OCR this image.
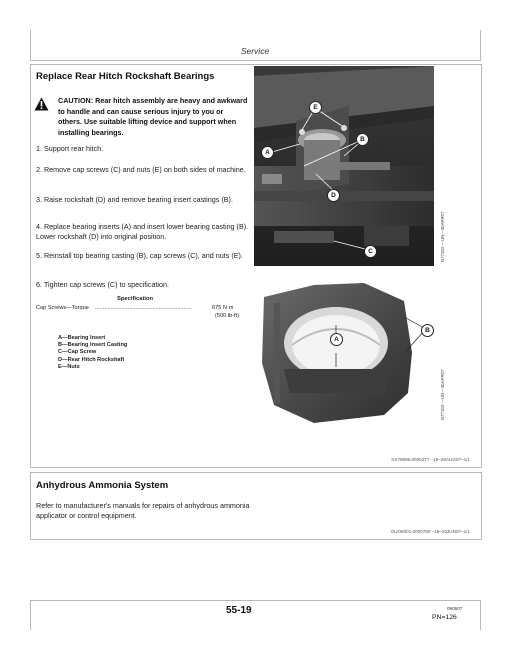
Service
Replace Rear Hitch Rockshaft Bearings
CAUTION: Rear hitch assembly are heavy and awkward to handle and can cause serious injury to you or others. Use suitable lifting device and support when installing bearings.
1. Support rear hitch.
2. Remove cap screws (C) and nuts (E) on both sides of machine.
3. Raise rockshaft (D) and remove bearing insert castings (B).
4. Replace bearing inserts (A) and insert lower bearing casting (B). Lower rockshaft (D) into original position.
5. Reinstall top bearing casting (B), cap screws (C), and nuts (E).
6. Tighten cap screws (C) to specification.
Specification
Cap Screws—Torque ..............................................................	675 N·m
(500 lb-ft)
A—Bearing Insert
B—Bearing Insert Casting
C—Cap Screw
D—Rear Hitch Rockshaft
E—Nuts
E
B
A
D
C	N77102 —UN—30APR07
B
A
N77103 —UN—30APR07
KS78896,0000277 –19–28AUG07–1/1
Anhydrous Ammonia System
Refer to manufacturer's manuals for repairs of anhydrous ammonia applicator or control equipment.
OUO6001,0000780 –19–20JUN07–1/1
55-19	090507
PN=126
